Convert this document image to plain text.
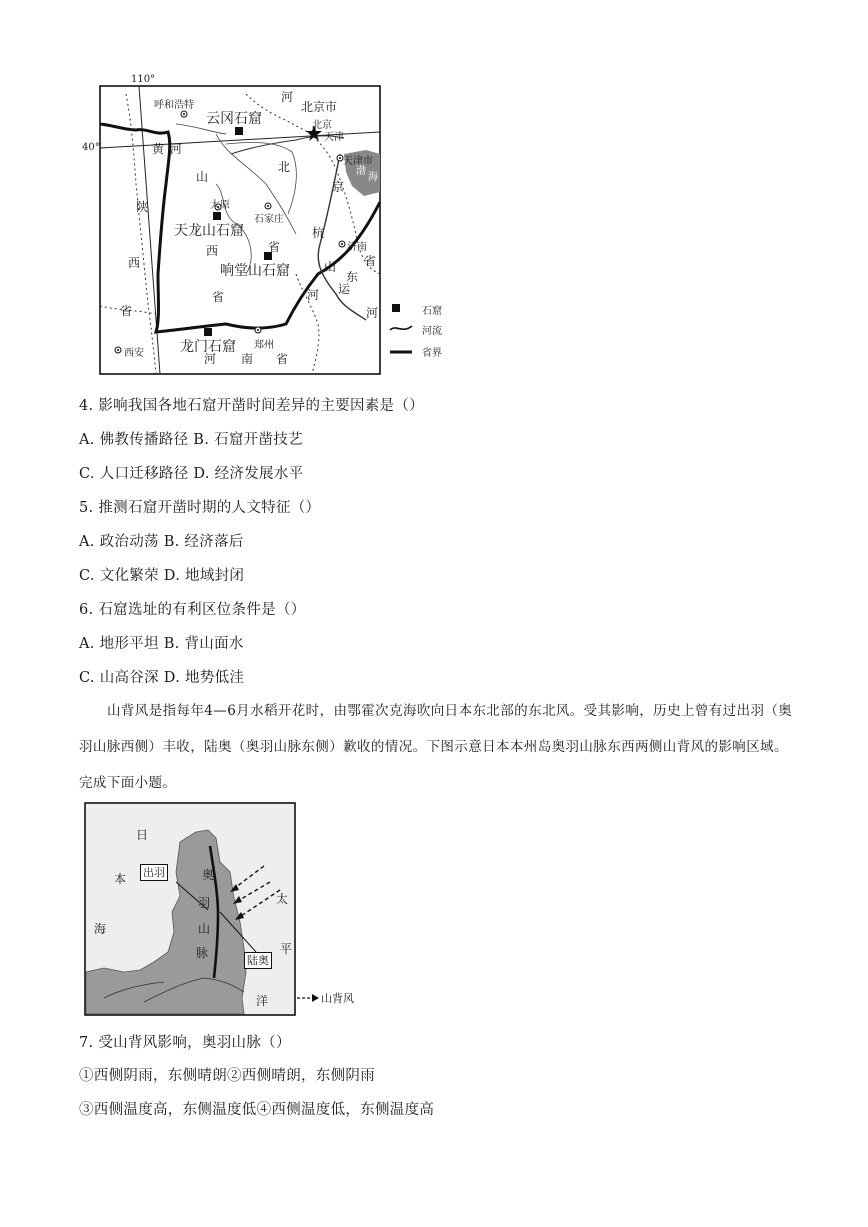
110°
40°
呼和浩特	北京市
北京
天津
天津市
太原
石家庄
济南
郑州
西安
河
北
省
黄 河
山
西
省
陕
西
省
山
东
省
京
杭
运
河
河
河 南 省
渤
海
云冈石窟
天龙山石窟
响堂山石窟
龙门石窟
石窟
河流
省界
4. 影响我国各地石窟开凿时间差异的主要因素是（）
A. 佛教传播路径 B. 石窟开凿技艺
C. 人口迁移路径 D. 经济发展水平
5. 推测石窟开凿时期的人文特征（）
A. 政治动荡 B. 经济落后
C. 文化繁荣 D. 地域封闭
6. 石窟选址的有利区位条件是（）
A. 地形平坦 B. 背山面水
C. 山高谷深 D. 地势低洼
山背风是指每年4—6月水稻开花时，由鄂霍次克海吹向日本东北部的东北风。受其影响，历史上曾有过出羽（奥羽山脉西侧）丰收，陆奥（奥羽山脉东侧）歉收的情况。下图示意日本本州岛奥羽山脉东西两侧山背风的影响区域。完成下面小题。
日
本
海
太
平
洋
奥
羽
山
脉
出羽
陆奥
山背风
7. 受山背风影响，奥羽山脉（）
①西侧阴雨，东侧晴朗②西侧晴朗，东侧阴雨
③西侧温度高，东侧温度低④西侧温度低，东侧温度高
